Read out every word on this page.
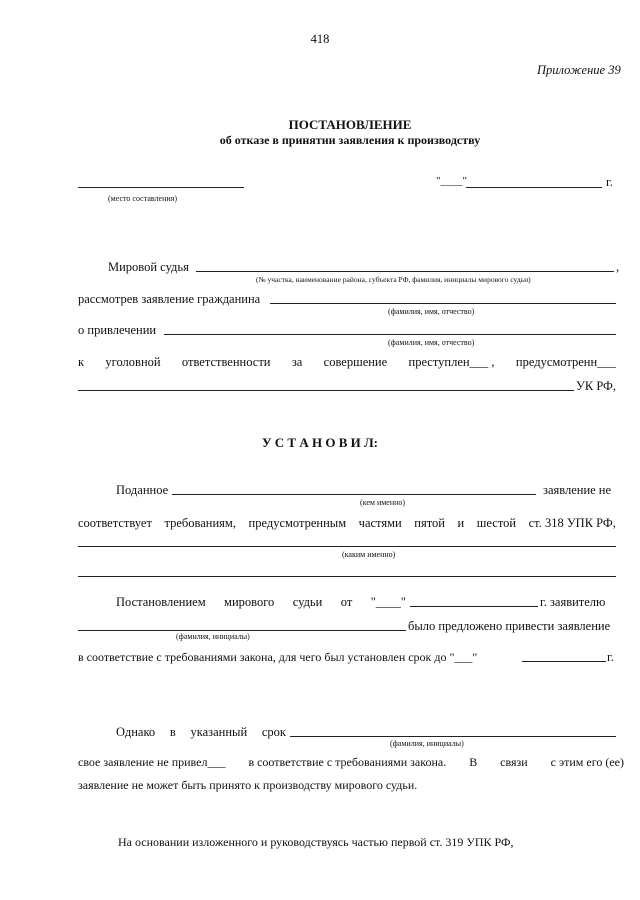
418
Приложение 39
ПОСТАНОВЛЕНИЕ
об отказе в принятии заявления к производству
(место составления)
"____"	г.
Мировой судья	,
(№ участка, наименование района, субъекта РФ, фамилия, инициалы мирового судьи)
рассмотрев заявление гражданина
(фамилия, имя, отчество)
о привлечении
(фамилия, имя, отчество)
к уголовной ответственности за совершение преступлен___ , предусмотренн___
УК РФ,
У С Т А Н О В И Л:
Поданное	заявление не
(кем именно)
соответствует требованиям, предусмотренным частями пятой и шестой ст. 318 УПК РФ,
(каким именно)
Постановлением мирового судьи от "____"	г. заявителю
было предложено привести заявление
(фамилия, инициалы)
в соответствие с требованиями закона, для чего был установлен срок до "___"	г.
Однако в указанный срок
(фамилия, инициалы)
свое заявление не привел___ в соответствие с требованиями закона. В связи с этим его (ее)
заявление не может быть принято к производству мирового судьи.
На основании изложенного и руководствуясь частью первой ст. 319 УПК РФ,
